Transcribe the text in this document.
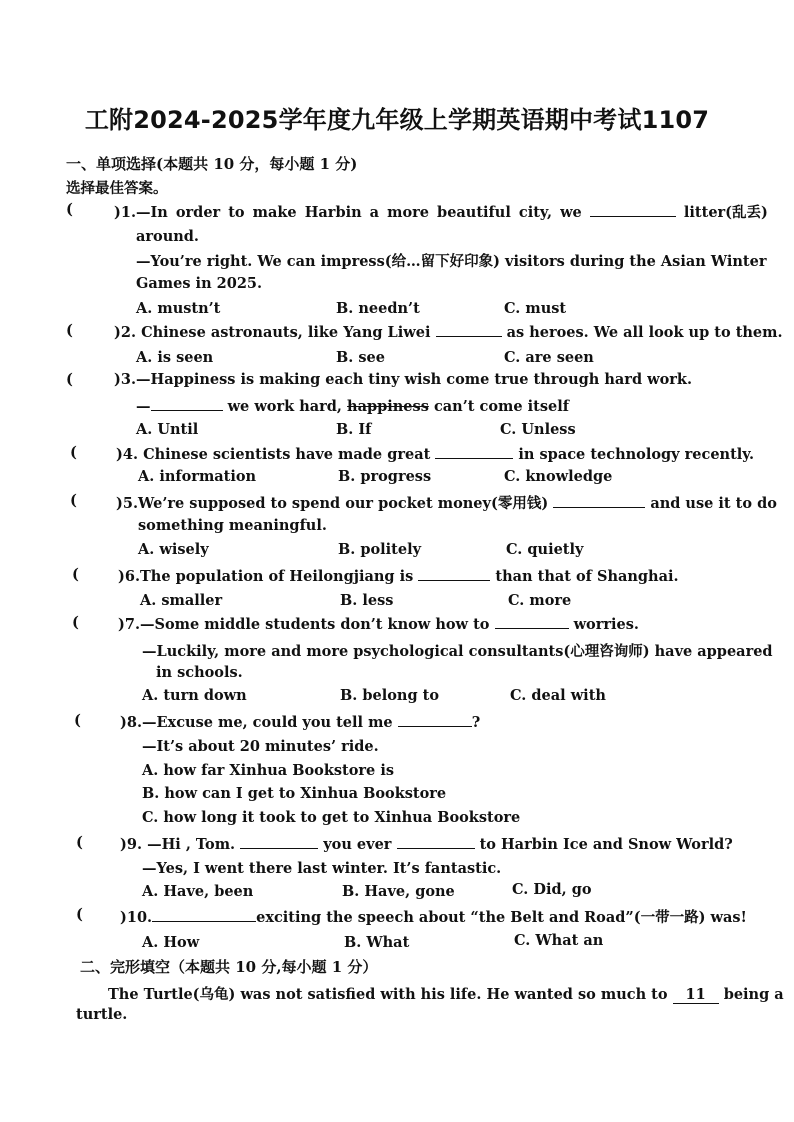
工附2024-2025学年度九年级上学期英语期中考试1107
一、单项选择(本题共 10 分，每小题 1 分)
选择最佳答案。
(	)1.—In order to make Harbin a more beautiful city, we	litter(乱丢)
around.
—You’re right. We can impress(给…留下好印象) visitors during the Asian Winter
Games in 2025.
A. mustn’t	B. needn’t	C. must
(	)2. Chinese astronauts, like Yang Liwei	as heroes. We all look up to them.
A. is seen	B. see	C. are seen
(	)3.—Happiness is making each tiny wish come true through hard work.
—	we work hard, happiness can’t come itself
A. Until	B. If	C. Unless
(	)4. Chinese scientists have made great	in space technology recently.
A. information	B. progress	C. knowledge
(	)5.We’re supposed to spend our pocket money(零用钱)	and use it to do
something meaningful.
A. wisely	B. politely	C. quietly
(	)6.The population of Heilongjiang is	than that of Shanghai.
A. smaller	B. less	C. more
(	)7.—Some middle students don’t know how to	worries.
—Luckily, more and more psychological consultants(心理咨询师) have appeared
in schools.
A. turn down	B. belong to	C. deal with
(	)8.—Excuse me, could you tell me	?
—It’s about 20 minutes’ ride.
A. how far Xinhua Bookstore is
B. how can I get to Xinhua Bookstore
C. how long it took to get to Xinhua Bookstore
(	)9. —Hi , Tom.	you ever	to Harbin Ice and Snow World?
—Yes, I went there last winter. It’s fantastic.
A. Have, been	B. Have, gone	C. Did, go
(	)10.	exciting the speech about “the Belt and Road”(一带一路) was!
A. How	B. What	C. What an
二、完形填空（本题共 10 分,每小题 1 分）
The Turtle(乌龟) was not satisfied with his life. He wanted so much to 11 being a
turtle.
